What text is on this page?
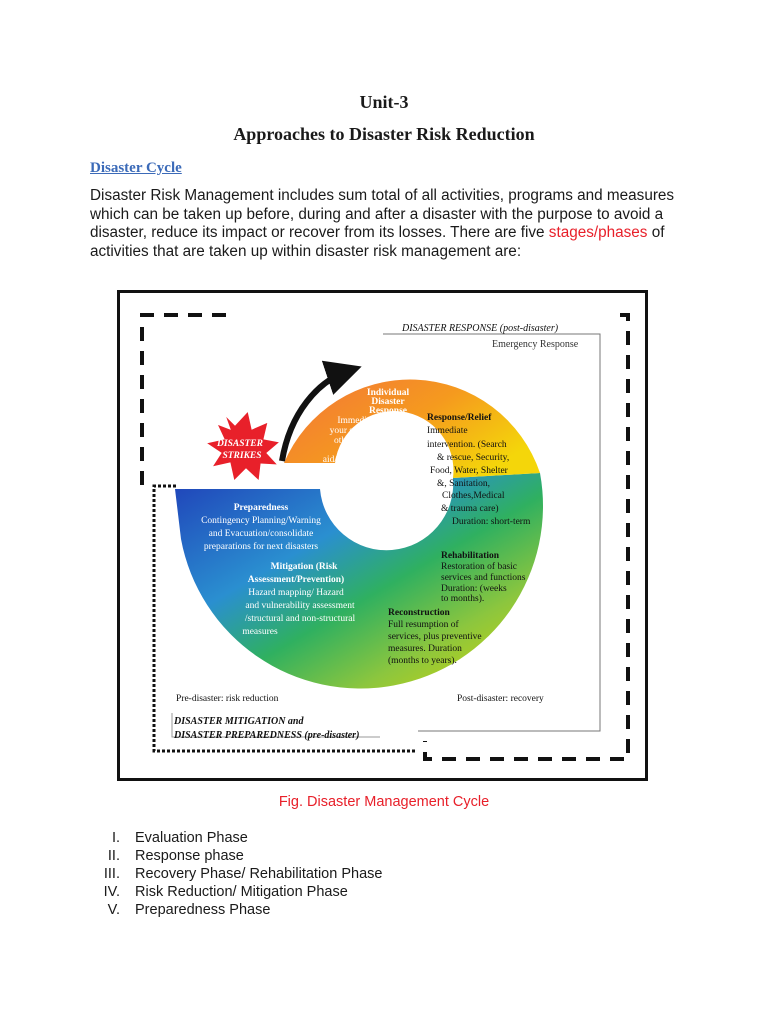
Unit-3
Approaches to Disaster Risk Reduction
Disaster Cycle
Disaster Risk Management includes sum total of all activities, programs and measures which can be taken up before, during and after a disaster with the purpose to avoid a disaster, reduce its impact or recover from its losses. There are five stages/phases of activities that are taken up within disaster risk management are:
DISASTER
STRIKES
DISASTER RESPONSE (post-disaster)
Emergency Response
DISASTER MITIGATION and
DISASTER PREPAREDNESS (pre-disaster)
Individual
Disaster
Response
Immediate secure
your safety and of
others/rescue &
provide first
aid/secure
supplies
Response/Relief
Immediate
intervention. (Search
& rescue, Security,
Food, Water, Shelter
&, Sanitation,
Clothes,Medical
& trauma care)
Duration: short-term
Preparedness
Contingency Planning/Warning
and Evacuation/consolidate
preparations for next disasters
Mitigation (Risk
Assessment/Prevention)
Hazard mapping/ Hazard
and vulnerability assessment
/structural and non-structural
measures
Rehabilitation
Restoration of basic
services and functions
Duration: (weeks
to months).
Reconstruction
Full resumption of
services, plus preventive
measures. Duration
(months to years).
Pre-disaster: risk reduction	Post-disaster: recovery
Fig. Disaster Management Cycle
I. Evaluation Phase
II. Response phase
III. Recovery Phase/ Rehabilitation Phase
IV. Risk Reduction/ Mitigation Phase
V. Preparedness Phase
